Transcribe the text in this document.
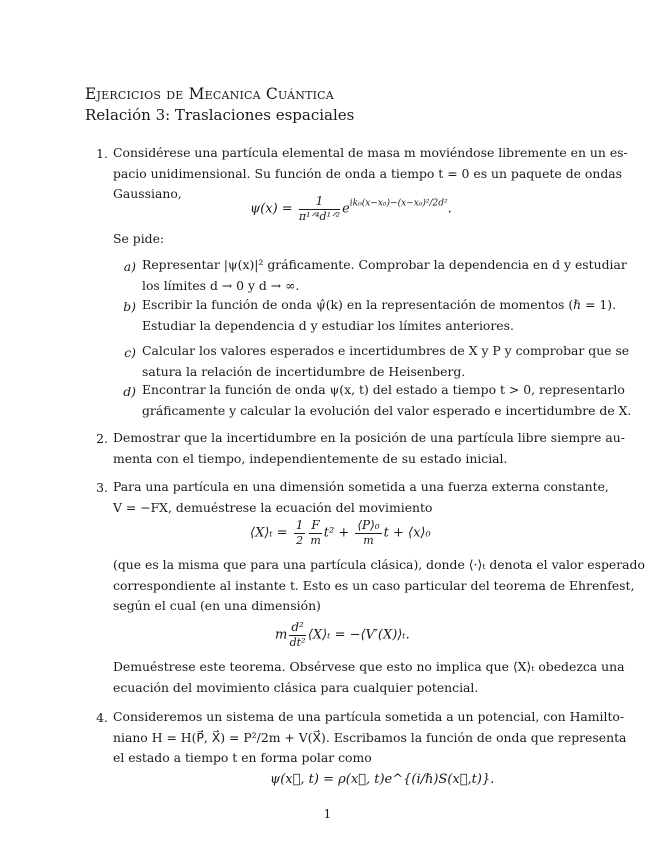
Ejercicios de Mecanica Cuántica
Relación 3: Traslaciones espaciales
1. Considérese una partícula elemental de masa m moviéndose libremente en un es-
pacio unidimensional. Su función de onda a tiempo t = 0 es un paquete de ondas
Gaussiano,
$\psi(x) = \frac{1}{\text{π¹ᐟ⁴d¹ᐟ²}} e^{ik_0(x-x_0)-(x-x_0)^2/2d^2}$.
Se pide:
a) Representar |ψ(x)|² gráficamente. Comprobar la dependencia en d y estudiar
los límites d → 0 y d → ∞.
b) Escribir la función de onda ψ̂(k) en la representación de momentos (ℏ = 1).
Estudiar la dependencia d y estudiar los límites anteriores.
c) Calcular los valores esperados e incertidumbres de X y P y comprobar que se
satura la relación de incertidumbre de Heisenberg.
d) Encontrar la función de onda ψ(x, t) del estado a tiempo t > 0, representarlo
gráficamente y calcular la evolución del valor esperado e incertidumbre de X.
2. Demostrar que la incertidumbre en la posición de una partícula libre siempre au-
menta con el tiempo, independientemente de su estado inicial.
3. Para una partícula en una dimensión sometida a una fuerza externa constante,
V = −FX, demuéstrese la ecuación del movimiento
⟨X⟩ₜ = $\frac{1}{2} \frac{F}{m} t^2 + \frac{\text{⟨P⟩₀}}{m}$ t + ⟨x⟩₀
(que es la misma que para una partícula clásica), donde ⟨·⟩ₜ denota el valor esperado
correspondiente al instante t. Esto es un caso particular del teorema de Ehrenfest,
según el cual (en una dimensión)
m $\frac{\text{d²}}{\text{dt²}}$ ⟨X⟩ₜ = −⟨V′(X)⟩ₜ.
Demuéstrese este teorema. Obsérvese que esto no implica que ⟨X⟩ₜ obedezca una
ecuación del movimiento clásica para cualquier potencial.
4. Consideremos un sistema de una partícula sometida a un potencial, con Hamilto-
niano H = H(P⃗, X⃗) = P²/2m + V(X⃗). Escribamos la función de onda que representa
el estado a tiempo t en forma polar como
ψ(x⃗, t) = ρ(x⃗, t)e^{(i/ℏ)S(x⃗,t)}.
1
